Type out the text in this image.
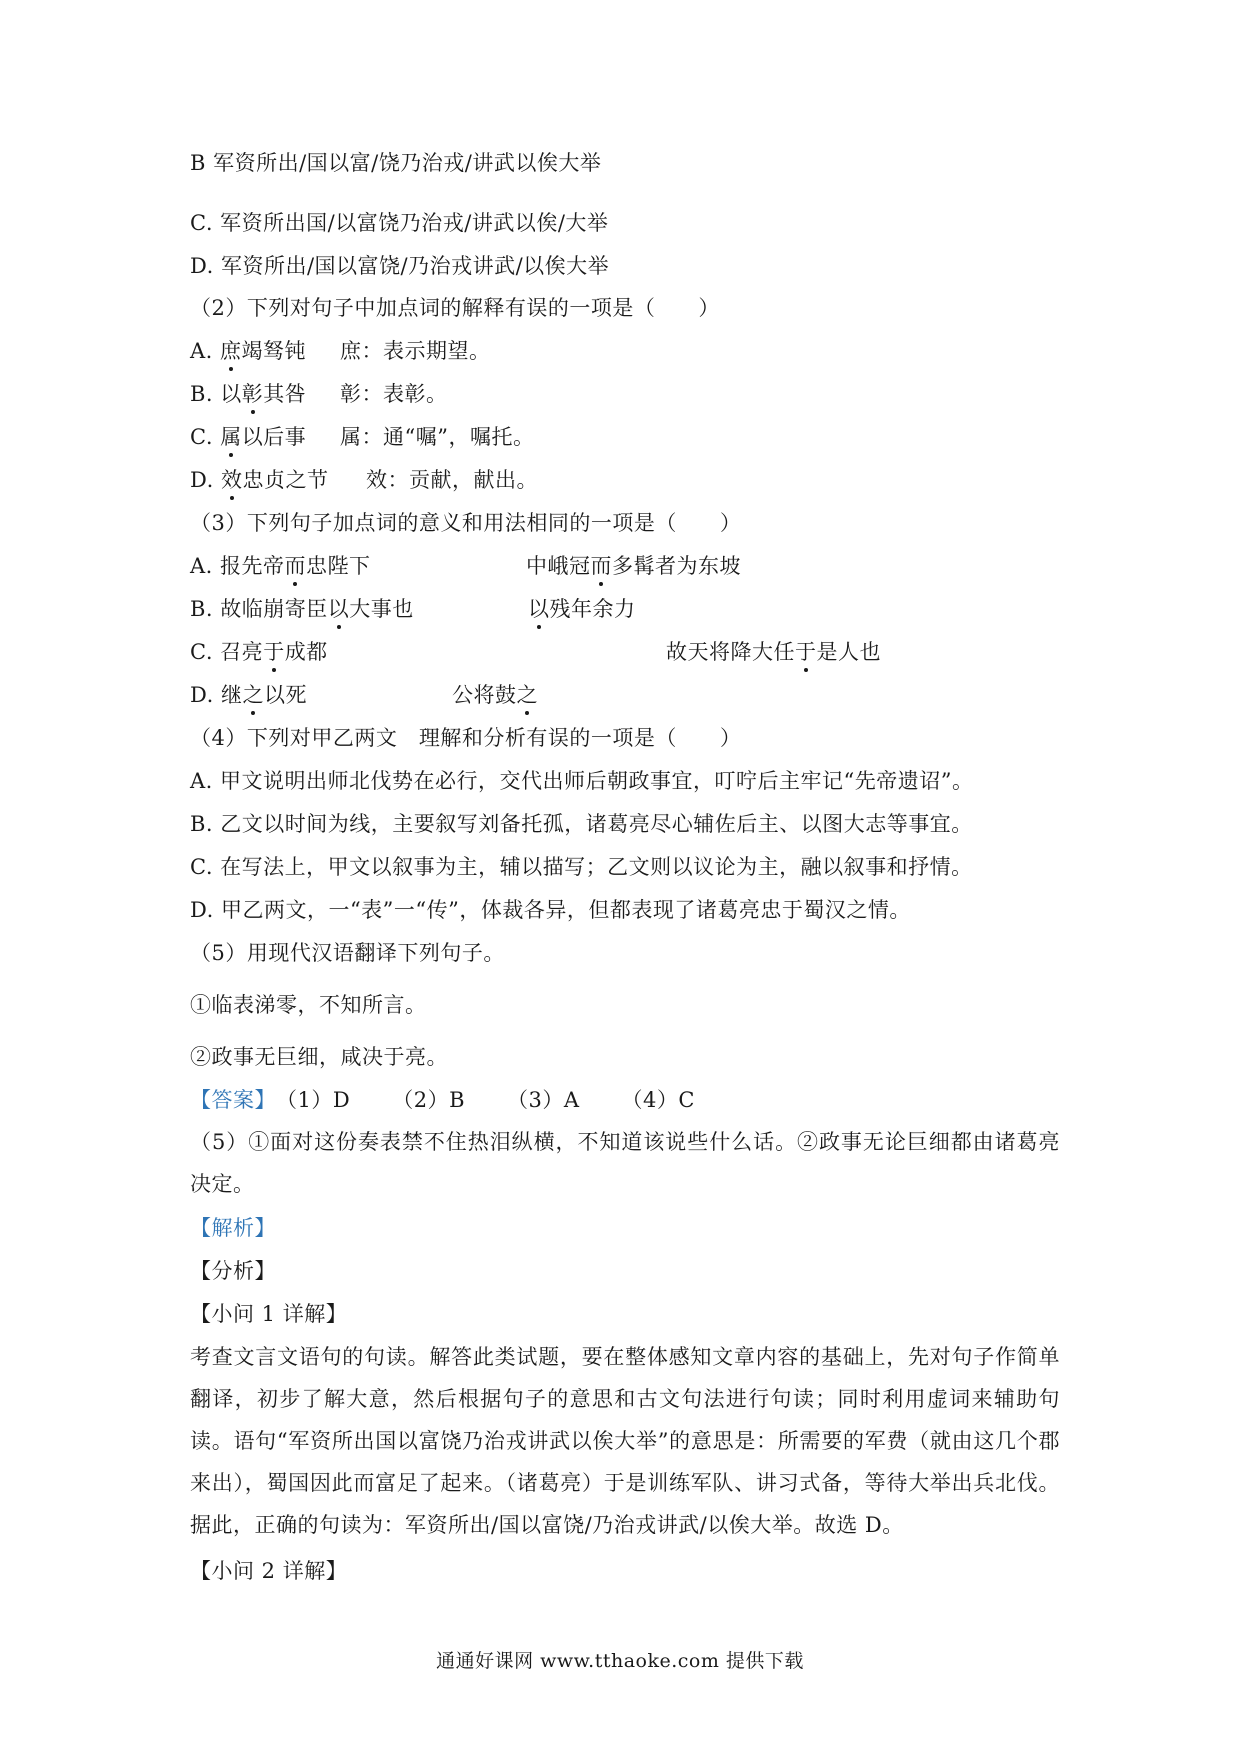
B 军资所出/国以富/饶乃治戎/讲武以俟大举
C. 军资所出国/以富饶乃治戎/讲武以俟/大举
D. 军资所出/国以富饶/乃治戎讲武/以俟大举
（2）下列对句子中加点词的解释有误的一项是（　　）
A. 庶竭驽钝 庶：表示期望。
B. 以彰其咎 彰：表彰。
C. 属以后事 属：通“嘱”，嘱托。
D. 效忠贞之节 效：贡献，献出。
（3）下列句子加点词的意义和用法相同的一项是（　　）
A. 报先帝而忠陛下	中峨冠而多髯者为东坡
B. 故临崩寄臣以大事也	以残年余力
C. 召亮于成都	故天将降大任于是人也
D. 继之以死	公将鼓之
（4）下列对甲乙两文　理解和分析有误的一项是（　　）
A. 甲文说明出师北伐势在必行，交代出师后朝政事宜，叮咛后主牢记“先帝遗诏”。
B. 乙文以时间为线，主要叙写刘备托孤，诸葛亮尽心辅佐后主、以图大志等事宜。
C. 在写法上，甲文以叙事为主，辅以描写；乙文则以议论为主，融以叙事和抒情。
D. 甲乙两文，一“表”一“传”，体裁各异，但都表现了诸葛亮忠于蜀汉之情。
（5）用现代汉语翻译下列句子。
①临表涕零，不知所言。
②政事无巨细，咸决于亮。
【答案】（1）D （2）B （3）A （4）C
（5）①面对这份奏表禁不住热泪纵横，不知道该说些什么话。②政事无论巨细都由诸葛亮决定。
【解析】
【分析】
【小问 1 详解】
考查文言文语句的句读。解答此类试题，要在整体感知文章内容的基础上，先对句子作简单翻译，初步了解大意，然后根据句子的意思和古文句法进行句读；同时利用虚词来辅助句读。语句“军资所出国以富饶乃治戎讲武以俟大举”的意思是：所需要的军费（就由这几个郡来出），蜀国因此而富足了起来。（诸葛亮）于是训练军队、讲习式备，等待大举出兵北伐。据此，正确的句读为：军资所出/国以富饶/乃治戎讲武/以俟大举。故选 D。
【小问 2 详解】
通通好课网 www.tthaoke.com 提供下载
